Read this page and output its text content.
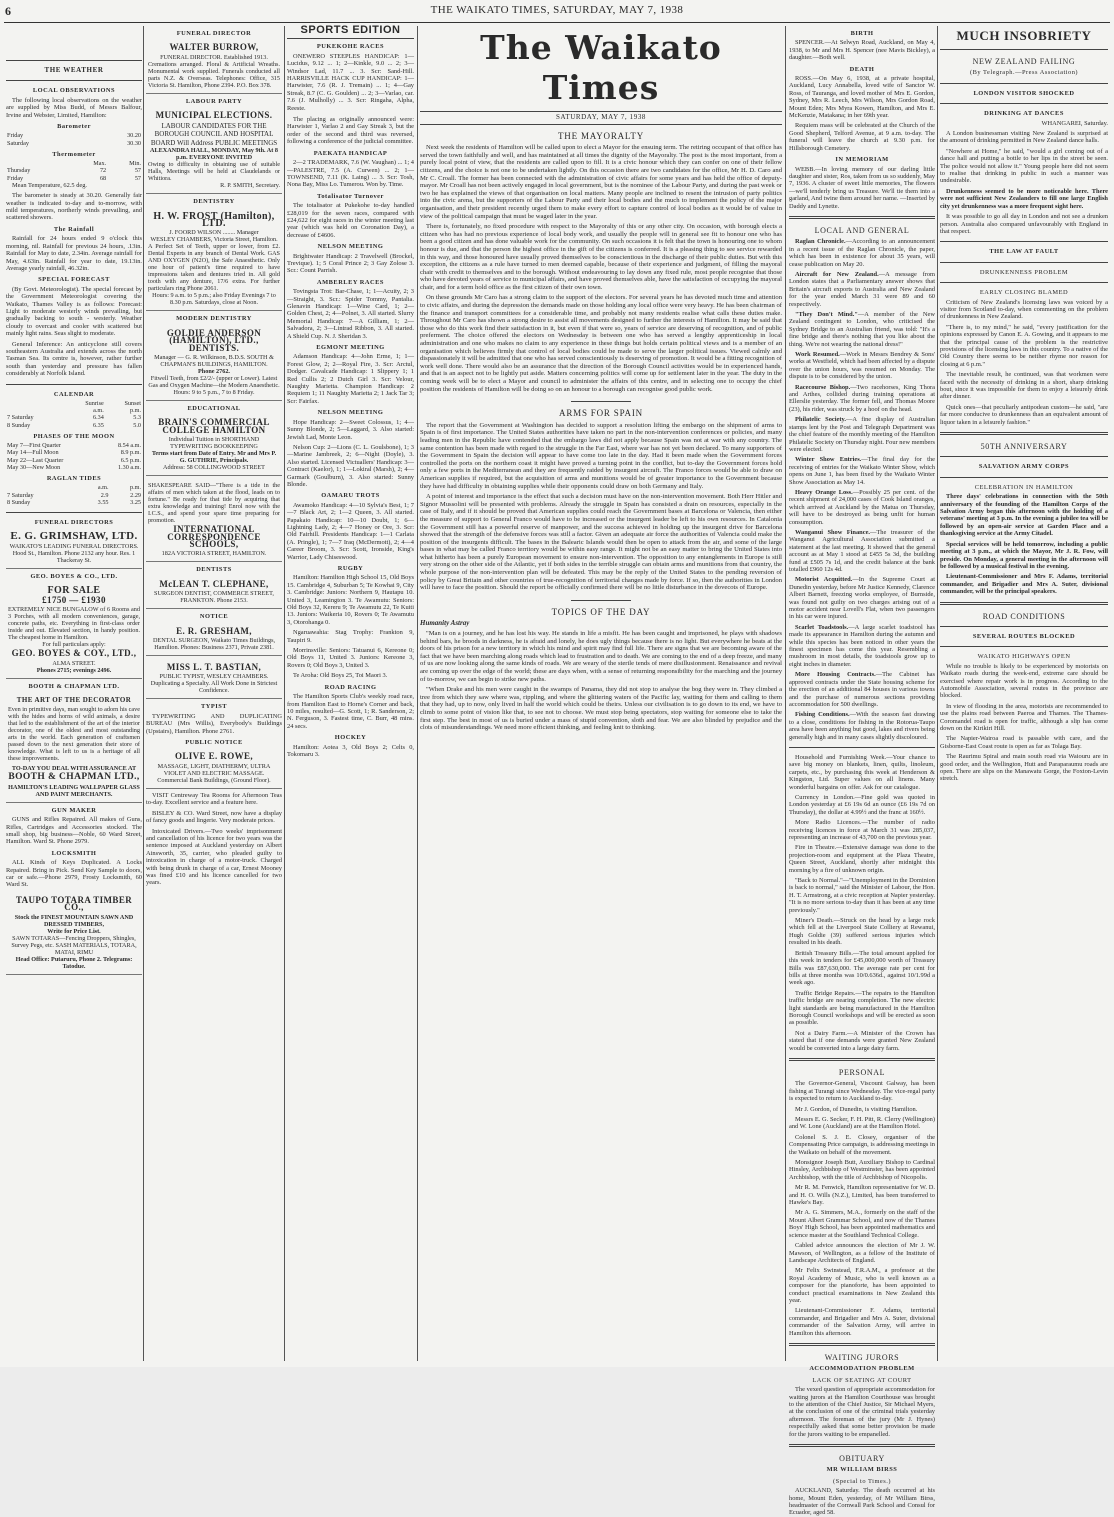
6	THE WAIKATO TIMES, SATURDAY, MAY 7, 1938
THE WEATHER
LOCAL OBSERVATIONS

The following local observations on the weather are supplied by Miss Budd, of Messrs Balfour, Irvine and Webster, Limited, Hamilton:

Barometer
Friday	30.20
Saturday	30.30
Thermometer
	Max.	Min.
Thursday	72	57
Friday	68	57

Mean Temperature, 62.5 deg.

The barometer is steady at 30.20. Generally fair weather is indicated to-day and to-morrow, with mild temperatures, northerly winds prevailing, and scattered showers.

The Rainfall

Rainfall for 24 hours ended 9 o'clock this morning, nil. Rainfall for previous 24 hours, .13in. Rainfall for May to date, 2.34in. Average rainfall for May, 4.63in. Rainfall for year to date, 19.13in. Average yearly rainfall, 46.32in.

SPECIAL FORECAST

(By Govt. Meteorologist). The special forecast by the Government Meteorologist covering the Waikato, Thames Valley is as follows: Forecast: Light to moderate westerly winds prevailing, but gradually backing to south - westerly. Weather cloudy to overcast and cooler with scattered but mainly light rains. Seas slight to moderate.

General Inference: An anticyclone still covers southeastern Australia and extends across the north Tasman Sea. Its centre is, however, rather further south than yesterday and pressure has fallen considerably at Norfolk Island.

CALENDAR
	Sunrise	Sunset
	a.m.	p.m.
7 Saturday	6.34	5.3
8 Sunday	6.35	5.0
PHASES OF THE MOON
May 7—First Quarter	8.54 a.m.
May 14—Full Moon	8.9 p.m.
May 22—Last Quarter	6.5 p.m.
May 30—New Moon	1.30 a.m.
RAGLAN TIDES
	a.m.	p.m.
7 Saturday	2.9	2.29
8 Sunday	3.55	3.25
FUNERAL DIRECTORS
E. G. GRIMSHAW, LTD.
WAIKATO'S LEADING FUNERAL DIRECTORS. Hood St., Hamilton. Phone 2132 any hour. Res. 1 Thackeray St.
GEO. BOYES & CO., LTD.
FOR SALE
£1750 — £1930
EXTREMELY NICE BUNGALOW of 6 Rooms and 3 Porches, with all modern conveniences, garage, concrete paths, etc. Everything in first-class order inside and out. Elevated section, in handy position. The cheapest home in Hamilton.
For full particulars apply:
GEO. BOYES & COY., LTD.,
ALMA STREET.
Phones 2715; evenings 2496.
BOOTH & CHAPMAN LTD.
THE ART OF THE DECORATOR
Even in primitive days, man sought to adorn his cave with the hides and horns of wild animals, a desire that led to the establishment of the art of the interior decorator, one of the oldest and most outstanding arts in the world. Each generation of craftsmen passed down to the next generation their store of knowledge. What is left to us is a heritage of all these improvements.
TO-DAY YOU DEAL WITH ASSURANCE AT
BOOTH & CHAPMAN LTD.,
HAMILTON'S LEADING WALLPAPER GLASS AND PAINT MERCHANTS.
GUN MAKER

GUNS and Rifles Repaired. All makes of Guns, Rifles, Cartridges and Accessories stocked. The small shop, big business—Noble, 60 Ward Street, Hamilton. Ward St. Phone 2979.

LOCKSMITH

ALL Kinds of Keys Duplicated. A Locks Repaired. Bring in Pick. Send Key Sample to doors, car or safe.—Phone 2979, Frosty Locksmith, 60 Ward St.

TAUPO TOTARA TIMBER CO.,
Stock the FINEST MOUNTAIN SAWN AND DRESSED TIMBERS,
Write for Price List.
SAWN TOTARAS—Fencing Droppers, Shingles, Survey Pegs, etc. SASH MATERIALS, TOTARA, MATAI, RIMU
Head Office: Putaruru, Phone 2. Telegrams: Tatodue.
FUNERAL DIRECTOR
WALTER BURROW,
FUNERAL DIRECTOR. Established 1913.
Cremations arranged. Floral & Artificial Wreaths. Monumental work supplied. Funerals conducted all parts N.Z. & Overseas. Telephones: Office, 315 Victoria St. Hamilton, Phone 2394. P.O. Box 378.
LABOUR PARTY
MUNICIPAL ELECTIONS.
LABOUR CANDIDATES FOR THE BOROUGH COUNCIL AND HOSPITAL BOARD Will Address PUBLIC MEETINGS
ALEXANDRA HALL, MONDAY, May 9th. At 8 p.m. EVERYONE INVITED
Owing to difficulty in obtaining use of suitable Halls, Meetings will be held at Claudelands or Whitiora.
R. P. SMITH, Secretary.
DENTISTRY
H. W. FROST (Hamilton), LTD.
J. FOORD WILSON ........ Manager
WESLEY CHAMBERS, Victoria Street, Hamilton.
A Perfect Set of Teeth, upper or lower, from £2. Dental Experts in any branch of Dental Work. GAS AND OXYGEN (N2O), the Safe Anaesthetic. Only one hour of patient's time required to have impressions taken and dentures tried in. All gold tooth with any denture, 17/6 extra. For further particulars ring Phone 2061.
Hours: 9 a.m. to 5 p.m.; also Friday Evenings 7 to 8.30 p.m. Saturdays, close at Noon.
MODERN DENTISTRY
GOLDIE ANDERSON (HAMILTON), LTD., DENTISTS.
Manager — G. R. Wilkinson, B.D.S. SOUTH & CHAPMAN'S BUILDINGS, HAMILTON.
Phone 2762.
Fitwell Teeth, from £2/2/- (upper or Lower). Latest Gas and Oxygen Machine—the Modern Anaesthetic.
Hours: 9 to 5 p.m., 7 to 8 Friday.
EDUCATIONAL
BRAIN'S COMMERCIAL COLLEGE HAMILTON
Individual Tuition in SHORTHAND TYPEWRITING BOOKKEEPING
Terms start from Date of Entry. Mr and Mrs P. G. GUTHRIE, Principals.
Address: 58 COLLINGWOOD STREET
SHAKESPEARE SAID—"There is a tide in the affairs of men which taken at the flood, leads on to fortune." Be ready for that tide by acquiring that extra knowledge and training! Enrol now with the I.C.S., and spend your spare time preparing for promotion.
INTERNATIONAL CORRESPONDENCE SCHOOLS,
182A VICTORIA STREET, HAMILTON.
DENTISTS
McLEAN T. CLEPHANE,
SURGEON DENTIST, COMMERCE STREET, FRANKTON. Phone 2153.
NOTICE
E. R. GRESHAM,
DENTAL SURGEON, Waikato Times Buildings, Hamilton. Phones: Business 2371, Private 2381.
MISS L. T. BASTIAN,
PUBLIC TYPIST, WESLEY CHAMBERS. Duplicating a Specialty. All Work Done in Strictest Confidence.
TYPIST

TYPEWRITING AND DUPLICATING BUREAU (Mrs Willis), Everybody's Buildings (Upstairs), Hamilton. Phone 2761.

PUBLIC NOTICE
OLIVE E. ROWE,
MASSAGE, LIGHT, DIATHERMY, ULTRA VIOLET AND ELECTRIC MASSAGE. Commercial Bank Buildings, (Ground Floor).

VISIT Centreway Tea Rooms for Afternoon Teas to-day. Excellent service and a feature here.

BISLEY & CO. Ward Street, now have a display of fancy goods and lingerie. Very moderate prices.

Intoxicated Drivers.—Two weeks' imprisonment and cancellation of his licence for two years was the sentence imposed at Auckland yesterday on Albert Ainsworth, 35, carrier, who pleaded guilty to intoxication in charge of a motor-truck. Charged with being drunk in charge of a car, Ernest Mooney was fined £10 and his licence cancelled for two years.

SPORTS EDITION
PUKEKOHE RACES

ONEWERO STEEPLES HANDICAP: 1—Lucidus, 9.12 ... 1; 2—Kinkle, 9.0 ... 2; 3—Windsor Lad, 11.7 ... 3. Scr: Sand-Hill. HARRISVILLE HACK CUP HANDICAP: 1—Harwister, 7.6 (R. J. Tremain) ... 1; 4—Gay Streak, 8.7 (C. G. Goulden) ... 2; 3—Varlao, car. 7.6 (J. Mulholly) ... 3. Scr: Ringaha, Alpha, Reeste.

The placing as originally announced were: Harwister 1, Varlao 2 and Gay Streak 3, but the order of the second and third was reversed, following a conference of the judicial committee.

PAEKATA HANDICAP

2—2 TRADEMARK, 7.6 (W. Vaughan) ... 1; 4—PALESTRE, 7.5 (A. Curwen) ... 2; 1—TOWNSEND, 7.11 (K. Laing) ... 3. Scr: Tosh, Nona Bay, Miss Lo. Tumerou. Won by. Time.

Totalisator Turnover

The totalisator at Pukekohe to-day handled £28,019 for the seven races, compared with £24,622 for eight races in the winter meeting last year (which was held on Coronation Day), a decrease of £4606.

NELSON MEETING

Brightwater Handicap: 2 Travelwell (Brockel, Trevique). 1; 5 Coral Prince 2; 3 Gay Zolose 3. Scr.: Count Parrish.

AMBERLEY RACES

Tovingsta Trot: Bar-Chase, 1; 1—Acuity, 2; 3—Straight, 3. Scr.: Spider Tommy, Pantalia. Glenavin Handicap: 1—Wine Card, 1; 2—Golden Chest, 2; 4—Polnet, 3. All started. Slurry Memorial Handicap: 7—A Gilliam, 1; 2—Salvadora, 2; 3—Lintrad Ribbon, 3. All started. A Shield Cup. N. J. Sheridan 3.

EGMONT MEETING

Adamson Handicap: 4—John Erme, 1; 1—Forest Glow, 2; 2—Royal Fire, 3. Scr: Arctul, Dodger. Cavalcade Handicap: 1 Slippery 1; 1 Red Cullis 2; 2 Dutch Girl 3. Scr: Velour, Naughty Marietta. Champion Handicap: 2 Requiem 1; 11 Naughty Marietta 2; 1 Jack Tar 3; Scr: Fairfax.

NELSON MEETING

Hope Handicap: 2—Sweet Colossus, 1; 4—Sunny Blonde, 2; 5—Laggard, 3. Also started: Jewish Lad, Monte Leon.

Nelson Cup: 2—Lions (C. L. Goulsbone), 1; 3—Marine Jambreek, 2; 6—Night (Doyle), 3. Also started. Licensed Victuallers' Handicap: 3—Contract (Kaelor), 1; 1—Lokiral (Marsh), 2; 4—Garmark (Goulburn), 3. Also started: Sunny Blonde.

OAMARU TROTS

Awamoko Handicap: 4—10 Sylvia's Best, 1; 7—7 Black Art, 2; 1—2 Queen, 3. All started. Papakaio Handicap: 10—10 Doubt, 1; 6—Lightning Lady, 2; 4—7 Honey or Ore, 3. Scr: Old Fairhill. Presidents Handicap: 1—1 Carlata (A. Pringle), 1; 7—7 Iraq (McDermott), 2; 4—4 Career Broom, 3. Scr: Scott, Ironside, King's Warrior, Lady Chiseswood.

RUGBY

Hamilton: Hamilton High School 15, Old Boys 15. Cambridge 4, Suburban 5; Te Kowhai 9, City 3. Cambridge: Juniors: Northern 9, Hautapu 10. United 3, Leamington 3. Te Awamutu: Seniors: Old Boys 32, Kereru 9; Te Awamutu 22, Te Kuiti 13. Juniors: Waikeria 10, Rovers 0; Te Awamutu 3, Otorohanga 0.

Ngaruawahia: Stag Trophy: Frankton 9, Taupiri 9.

Morrinsville: Seniors: Tatuanui 6, Kereone 0; Old Boys 11, United 3. Juniors: Kereone 3, Rovers 0; Old Boys 3, United 3.

Te Aroha: Old Boys 25, Toi Maori 3.

ROAD RACING

The Hamilton Sports Club's weekly road race, from Hamilton East to Horne's Corner and back, 10 miles, resulted—G. Scott, 1; R. Sanderson, 2; N. Ferguson, 3. Fastest time, C. Burr, 48 mins. 24 secs.

HOCKEY

Hamilton: Aotea 3, Old Boys 2; Celts 0, Tokomaru 3.

The Waikato Times
SATURDAY, MAY 7, 1938
THE MAYORALTY

Next week the residents of Hamilton will be called upon to elect a Mayor for the ensuing term. The retiring occupant of that office has served the town faithfully and well, and has maintained at all times the dignity of the Mayoralty. The post is the most important, from a purely local point of view, that the residents are called upon to fill. It is a civic honour which they can confer on one of their fellow citizens, and the choice is not one to be undertaken lightly. On this occasion there are two candidates for the office, Mr H. D. Caro and Mr C. Croall. The former has been connected with the administration of civic affairs for some years and has held the office of deputy-mayor. Mr Croall has not been actively engaged in local government, but is the nominee of the Labour Party, and during the past week or two he has explained the views of that organisation on local matters. Many people are inclined to resent the intrusion of party politics into the civic arena, but the supporters of the Labour Party and their local bodies and the much to implement the policy of the major organisation, and their president recently urged them to make every effort to capture control of local bodies as it would be of value in view of the political campaign that must be waged later in the year.

There is, fortunately, no fixed procedure with respect to the Mayoralty of this or any other city. On occasion, with borough elects a citizen who has had no previous experience of local body work, and usually the people will in general see fit to honour one who has been a good citizen and has done valuable work for the community. On such occasions it is felt that the town is honouring one to whom honour is due, and that the person the highest office in the gift of the citizens is conferred. It is a pleasing thing to see service rewarded in this way, and those honoured have usually proved themselves to be conscientious in the discharge of their public duties. But with this exception, the citizens as a rule have turned to men deemed capable, because of their experience and judgment, of filling the mayoral chair with credit to themselves and to the borough. Without endeavouring to lay down any fixed rule, most people recognise that those who have devoted years of service to municipal affairs, and have proved themselves able, have the satisfaction of occupying the mayoral chair, and for a term hold office as the first citizen of their own town.

On these grounds Mr Caro has a strong claim to the support of the electors. For several years he has devoted much time and attention to civic affairs, and during the depression the demands made on those holding any local office were very heavy. He has been chairman of the finance and transport committees for a considerable time, and probably not many residents realise what calls these duties make. Throughout Mr Caro has shown a strong desire to assist all movements designed to further the interests of Hamilton. It may be said that those who do this work find their satisfaction in it, but even if that were so, years of service are deserving of recognition, and of public preferment. The choice offered the electors on Wednesday is between one who has served a lengthy apprenticeship in local administration and one who makes no claim to any experience in these things but holds certain political views and is a member of an organisation which believes firmly that control of local bodies could be made to serve the larger political issues. Viewed calmly and dispassionately it will be admitted that one who has served conscientiously is deserving of promotion. It would be a fitting recognition of work well done. There would also be an assurance that the direction of the Borough Council activities would be in experienced hands, and that is an aspect not to be lightly put aside. Matters concerning politics will come up for settlement later in the year. The duty in the coming week will be to elect a Mayor and council to administer the affairs of this centre, and in selecting one to occupy the chief position the residents of Hamilton will be doing so on an honour to a borough can recognise good public work.

ARMS FOR SPAIN

The report that the Government at Washington has decided to support a resolution lifting the embargo on the shipment of arms to Spain is of first importance. The United States authorities have taken no part in the non-intervention conferences or policies, and many leading men in the Republic have contended that the embargo laws did not apply because Spain was not at war with any country. The same contention has been made with regard to the struggle in the Far East, where war has not yet been declared. To many supporters of the Government in Spain the decision will appear to have come too late in the day. Had it been made when the Government forces controlled the ports on the northern coast it might have proved a turning point in the conflict, but to-day the Government forces hold only a few ports in the Mediterranean and they are frequently raided by insurgent aircraft. The Franco forces would be able to draw on American supplies if required, but the acquisition of arms and munitions would be of greater importance to the Government because they have had difficulty in obtaining supplies while their opponents could draw on both Germany and Italy.

A point of interest and importance is the effect that such a decision must have on the non-intervention movement. Both Herr Hitler and Signor Mussolini will be presented with problems. Already the struggle in Spain has consisted a drain on resources, especially in the case of Italy, and if it should be proved that American supplies could reach the Government bases at Barcelona or Valencia, then either the measure of support to General Franco would have to be increased or the insurgent leader be left to his own resources. In Catalonia the Government still has a powerful reserve of manpower, and the success achieved in holding up the insurgent drive for Barcelona showed that the strength of the defensive forces was still a factor. Given an adequate air force the authorities of Valencia could make the position of the insurgents difficult. The bases in the Balearic Islands would then be open to attack from the air, and some of the large bases in what may be called Franco territory would be within easy range. It might not be an easy matter to bring the United States into what hitherto has been a purely European movement to ensure non-intervention. The opposition to any entanglements in Europe is still very strong on the other side of the Atlantic, yet if both sides in the terrible struggle can obtain arms and munitions from that country, the whole purpose of the non-intervention plan will be defeated. This may be the reply of the United States to the pending reversion of policy by Great Britain and other countries of true-recognition of territorial changes made by force. If so, then the authorities in London will have to face the position. Should the report be officially confirmed there will be no little disturbance in the dovecots of Europe.

TOPICS OF THE DAY
Humanity Astray

"Man is on a journey, and he has lost his way. He stands in life a misfit. He has been caught and imprisoned, he plays with shadows behind bars, he broods in darkness, he is afraid and lonely, he does ugly things because there is no light. But everywhere he beats at the doors of his prison for a new territory in which his mind and spirit may find full life. There are signs that we are becoming aware of the fact that we have been marching along roads which lead to frustration and to death. We are coming to the end of a deep freeze, and many of us are now looking along the same kinds of roads. We are weary of the sterile tends of mere disillusionment. Renaissance and revival are coming up over the edge of the world; these are days when, with a sense of returning responsibility for the marching and the journey of to-morrow, we can begin to strike new paths.

"When Drake and his men were caught in the swamps of Panama, they did not stop to analyse the bog they were in. They climbed a tree from which they saw where was, rippling, and where the glittering waters of the Pacific lay, waiting for them and calling to them that they had, up to now, only lived in half the world which could be theirs. Unless our civilisation is to go down to its end, we have to climb to some point of vision like that, to see not to choose. We must stop being spectators, stop waiting for someone else to take the first step. The best in most of us is buried under a mass of stupid convention, sloth and fear. We are also blinded by prejudice and the clots of misunderstandings. We need more efficient thinking, and feeling knit to thinking.

BIRTH

SPENCER.—At Selwyn Road, Auckland, on May 4, 1938, to Mr and Mrs H. Spencer (nee Mavis Bickley), a daughter.—Both well.

DEATH

ROSS.—On May 6, 1938, at a private hospital, Auckland, Lucy Annabella, loved wife of Sanctor W. Ross, of Tauranga, and loved mother of Mrs E. Gordon, Sydney, Mrs R. Leech, Mrs Wilson, Mrs Gordon Road, Mount Eden; Mrs Myra Kowen, Hamilton, and Mrs E. McKenzie, Matakana; in her 69th year.

Requiem mass will be celebrated at the Church of the Good Shepherd, Telford Avenue, at 9 a.m. to-day. The funeral will leave the church at 9.30 p.m. for Hillsborough Cemetery.

IN MEMORIAM

WEBB.—In loving memory of our darling little daughter and sister, Ros, taken from us so suddenly, May 7, 1936. A cluster of sweet little memories, The flowers—we'll tenderly bring us Treasure. We'll tie them into a garland, And twine them around her name. —Inserted by Daddy and Lynette.

LOCAL AND GENERAL

Raglan Chronicle.—According to an announcement in a recent issue of the Raglan Chronicle, the paper, which has been in existence for about 35 years, will cease publication on May 20.

Aircraft for New Zealand.—A message from London states that a Parliamentary answer shows that Britain's aircraft exports to Australia and New Zealand for the year ended March 31 were 89 and 60 respectively.

"They Don't Mind."—A member of the New Zealand contingent to London, who criticised the Sydney Bridge to an Australian friend, was told: "It's a fine bridge and there's nothing that you like about the thing. We're not wearing the national dress!"

Work Resumed.—Work in Messrs Bendrey & Sons' works at Westfield, which had been affected by a dispute over the union hours, was resumed on Monday. The dispute is to be considered by the union.

Racecourse Bishop.—Two racehorses, King Thora and Arthes, collided during training operations at Ellerslie yesterday. The former fell, and Thomas Moore (23), his rider, was struck by a hoof on the head.

Philatelic Society.—A fine display of Australian stamps lent by the Post and Telegraph Department was the chief feature of the monthly meeting of the Hamilton Philatelic Society on Thursday night. Four new members were elected.

Winter Show Entries.—The final day for the receiving of entries for the Waikato Winter Show, which opens on June 1, has been fixed by the Waikato Winter Show Association as May 14.

Heavy Orange Loss.—Possibly 25 per cent. of the recent shipment of 24,000 cases of Cook Island oranges, which arrived at Auckland by the Matua on Thursday, will have to be destroyed as being unfit for human consumption.

Wanganui Show Finance.—The treasurer of the Wanganui Agricultural Association submitted a statement at the last meeting. It showed that the general account as at May 1 stood at £455 5s 3d, the building fund at £505 7s 1d, and the credit balance at the bank totalled £960 12s 4d.

Motorist Acquitted.—In the Supreme Court at Dunedin yesterday, before Mr Justice Kennedy, Clarence Albert Barnett, freezing works employee, of Burnside, was found not guilty on two charges arising out of a motor accident near Lovell's Flat, when two passengers in his car were injured.

Scarlet Toadstools.—A large scarlet toadstool has made its appearance in Hamilton during the autumn and while this species has been noticed in other years the finest specimen has come this year. Resembling a mushroom in most details, the toadstools grow up to eight inches in diameter.

More Housing Contracts.—The Cabinet has approved contracts under the State housing scheme for the erection of an additional 84 houses in various towns and the purchase of numerous sections providing accommodation for 500 dwellings.

Fishing Conditions.—With the season fast drawing to a close, conditions for fishing in the Rotorua-Taupo area have been anything but good, lakes and rivers being generally high and in many cases slightly discoloured.

Household and Furnishing Week.—Your chance to save big money on blankets, linen, quilts, linoleum, carpets, etc., by purchasing this week at Henderson & Kingston, Ltd. Super values on all linens. Many wonderful bargains on offer. Ask for our catalogue.

Currency in London.—Fine gold was quoted in London yesterday at £6 19s 6d an ounce (£6 19s 7d on Thursday), the dollar at 4.99½ and the franc at 160½.

More Radio Licences.—The number of radio receiving licences in force at March 31 was 285,037, representing an increase of 43,700 on the previous year.

Fire in Theatre.—Extensive damage was done to the projection-room and equipment at the Plaza Theatre, Queen Street, Auckland, shortly after midnight this morning by a fire of unknown origin.

"Back to Normal."—"Unemployment in the Dominion is back to normal," said the Minister of Labour, the Hon. H. T. Armstrong, at a civic reception at Napier yesterday. "It is no more serious to-day than it has been at any time previously."

Miner's Death.—Struck on the head by a large rock which fell at the Liverpool State Colliery at Rewanui, Hugh Goldie (39) suffered serious injuries which resulted in his death.

British Treasury Bills.—The total amount applied for this week in tenders for £45,000,000 worth of Treasury Bills was £87,630,000. The average rate per cent for bills at three months was 10/0.636d., against 10/1.99d a week ago.

Traffic Bridge Repairs.—The repairs to the Hamilton traffic bridge are nearing completion. The new electric light standards are being manufactured in the Hamilton Borough Council workshops and will be erected as soon as possible.

Not a Dairy Farm.—A Minister of the Crown has stated that if one demands were granted New Zealand would be converted into a large dairy farm.

PERSONAL

The Governor-General, Viscount Galway, has been fishing at Turangi since Wednesday. The vice-regal party is expected to return to Auckland to-day.

Mr J. Gordon, of Dunedin, is visiting Hamilton.

Messrs E. G. Secker, F. H. Pitt, R. Clerry (Wellington) and W. Lone (Auckland) are at the Hamilton Hotel.

Colonel S. J. E. Closey, organiser of the Compensating Price campaign, is addressing meetings in the Waikato on behalf of the movement.

Monsignor Joseph Butt, Auxiliary Bishop to Cardinal Hinsley, Archbishop of Westminster, has been appointed Archbishop, with the title of Archbishop of Nicopolis.

Mr R. M. Fenwick, Hamilton representative for W. D. and H. O. Wills (N.Z.), Limited, has been transferred to Hawke's Bay.

Mr A. G. Simmers, M.A., formerly on the staff of the Mount Albert Grammar School, and now of the Thames Boys' High School, has been appointed mathematics and science master at the Southland Technical College.

Cabled advice announces the election of Mr J. W. Mawson, of Wellington, as a fellow of the Institute of Landscape Architects of England.

Mr Felix Swinstead, F.R.A.M., a professor at the Royal Academy of Music, who is well known as a composer for the pianoforte, has been appointed to conduct practical examinations in New Zealand this year.

Lieutenant-Commissioner F. Adams, territorial commander, and Brigadier and Mrs A. Suter, divisional commander of the Salvation Army, will arrive in Hamilton this afternoon.

WAITING JURORS
ACCOMMODATION PROBLEM
LACK OF SEATING AT COURT

The vexed question of appropriate accommodation for waiting jurors at the Hamilton Courthouse was brought to the attention of the Chief Justice, Sir Michael Myers, at the conclusion of one of the criminal trials yesterday afternoon. The foreman of the jury (Mr J. Hynes) respectfully asked that some better provision be made for the jurors waiting to be empanelled.

OBITUARY
MR WILLIAM BIRSS
(Special to Times.)

AUCKLAND, Saturday. The death occurred at his home, Mount Eden, yesterday, of Mr William Birss, headmaster of the Cornwall Park School and Consul for Ecuador, aged 58.

MUCH INSOBRIETY
NEW ZEALAND FAILING
(By Telegraph.—Press Association)
LONDON VISITOR SHOCKED
DRINKING AT DANCES

WHANGAREI, Saturday.

A London businessman visiting New Zealand is surprised at the amount of drinking permitted in New Zealand dance halls.

"Nowhere at Home," he said, "would a girl coming out of a dance hall and putting a bottle to her lips in the street be seen. The police would not allow it." Young people here did not seem to realise that drinking in public in such a manner was undesirable.

Drunkenness seemed to be more noticeable here. There were not sufficient New Zealanders to fill one large English city yet drunkenness was a more frequent sight here.

It was possible to go all day in London and not see a drunken person. Australia also compared unfavourably with England in that respect.

THE LAW AT FAULT
DRUNKENNESS PROBLEM
EARLY CLOSING BLAMED

Criticism of New Zealand's licensing laws was voiced by a visitor from Scotland to-day, when commenting on the problem of drunkenness in New Zealand.

"There is, to my mind," he said, "every justification for the opinions expressed by Canon E. A. Gowing, and it appears to me that the principal cause of the problem is the restrictive provisions of the licensing laws in this country. To a native of the Old Country there seems to be neither rhyme nor reason for closing at 6 p.m."

The inevitable result, he continued, was that workmen were faced with the necessity of drinking in a short, sharp drinking bout, since it was impossible for them to enjoy a leisurely drink after dinner.

Quick ones—that peculiarly antipodean custom—he said, "are far more conducive to drunkenness than an equivalent amount of liquor taken in a leisurely fashion."

50TH ANNIVERSARY
SALVATION ARMY CORPS
CELEBRATION IN HAMILTON

Three days' celebrations in connection with the 50th anniversary of the founding of the Hamilton Corps of the Salvation Army began this afternoon with the holding of a veterans' meeting at 3 p.m. In the evening a jubilee tea will be followed by an open-air service at Garden Place and a thanksgiving service at the Army Citadel.

Special services will be held tomorrow, including a public meeting at 3 p.m., at which the Mayor, Mr J. R. Fow, will preside. On Monday, a general meeting in the afternoon will be followed by a musical festival in the evening.

Lieutenant-Commissioner and Mrs F. Adams, territorial commander, and Brigadier and Mrs A. Suter, divisional commander, will be the principal speakers.

ROAD CONDITIONS
SEVERAL ROUTES BLOCKED
WAIKATO HIGHWAYS OPEN

While no trouble is likely to be experienced by motorists on Waikato roads during the week-end, extreme care should be exercised where repair work is in progress. According to the Automobile Association, several routes in the province are blocked.

In view of flooding in the area, motorists are recommended to use the plains road between Paeroa and Thames. The Thames-Coromandel road is open for traffic, although a slip has come down on the Kirikiri Hill.

The Napier-Wairoa road is passable with care, and the Gisborne-East Coast route is open as far as Tolaga Bay.

The Raurimu Spiral and main south road via Waiouru are in good order, and the Wellington, Hutt and Paraparaumu roads are open. There are slips on the Manawatu Gorge, the Foxton-Levin stretch.
